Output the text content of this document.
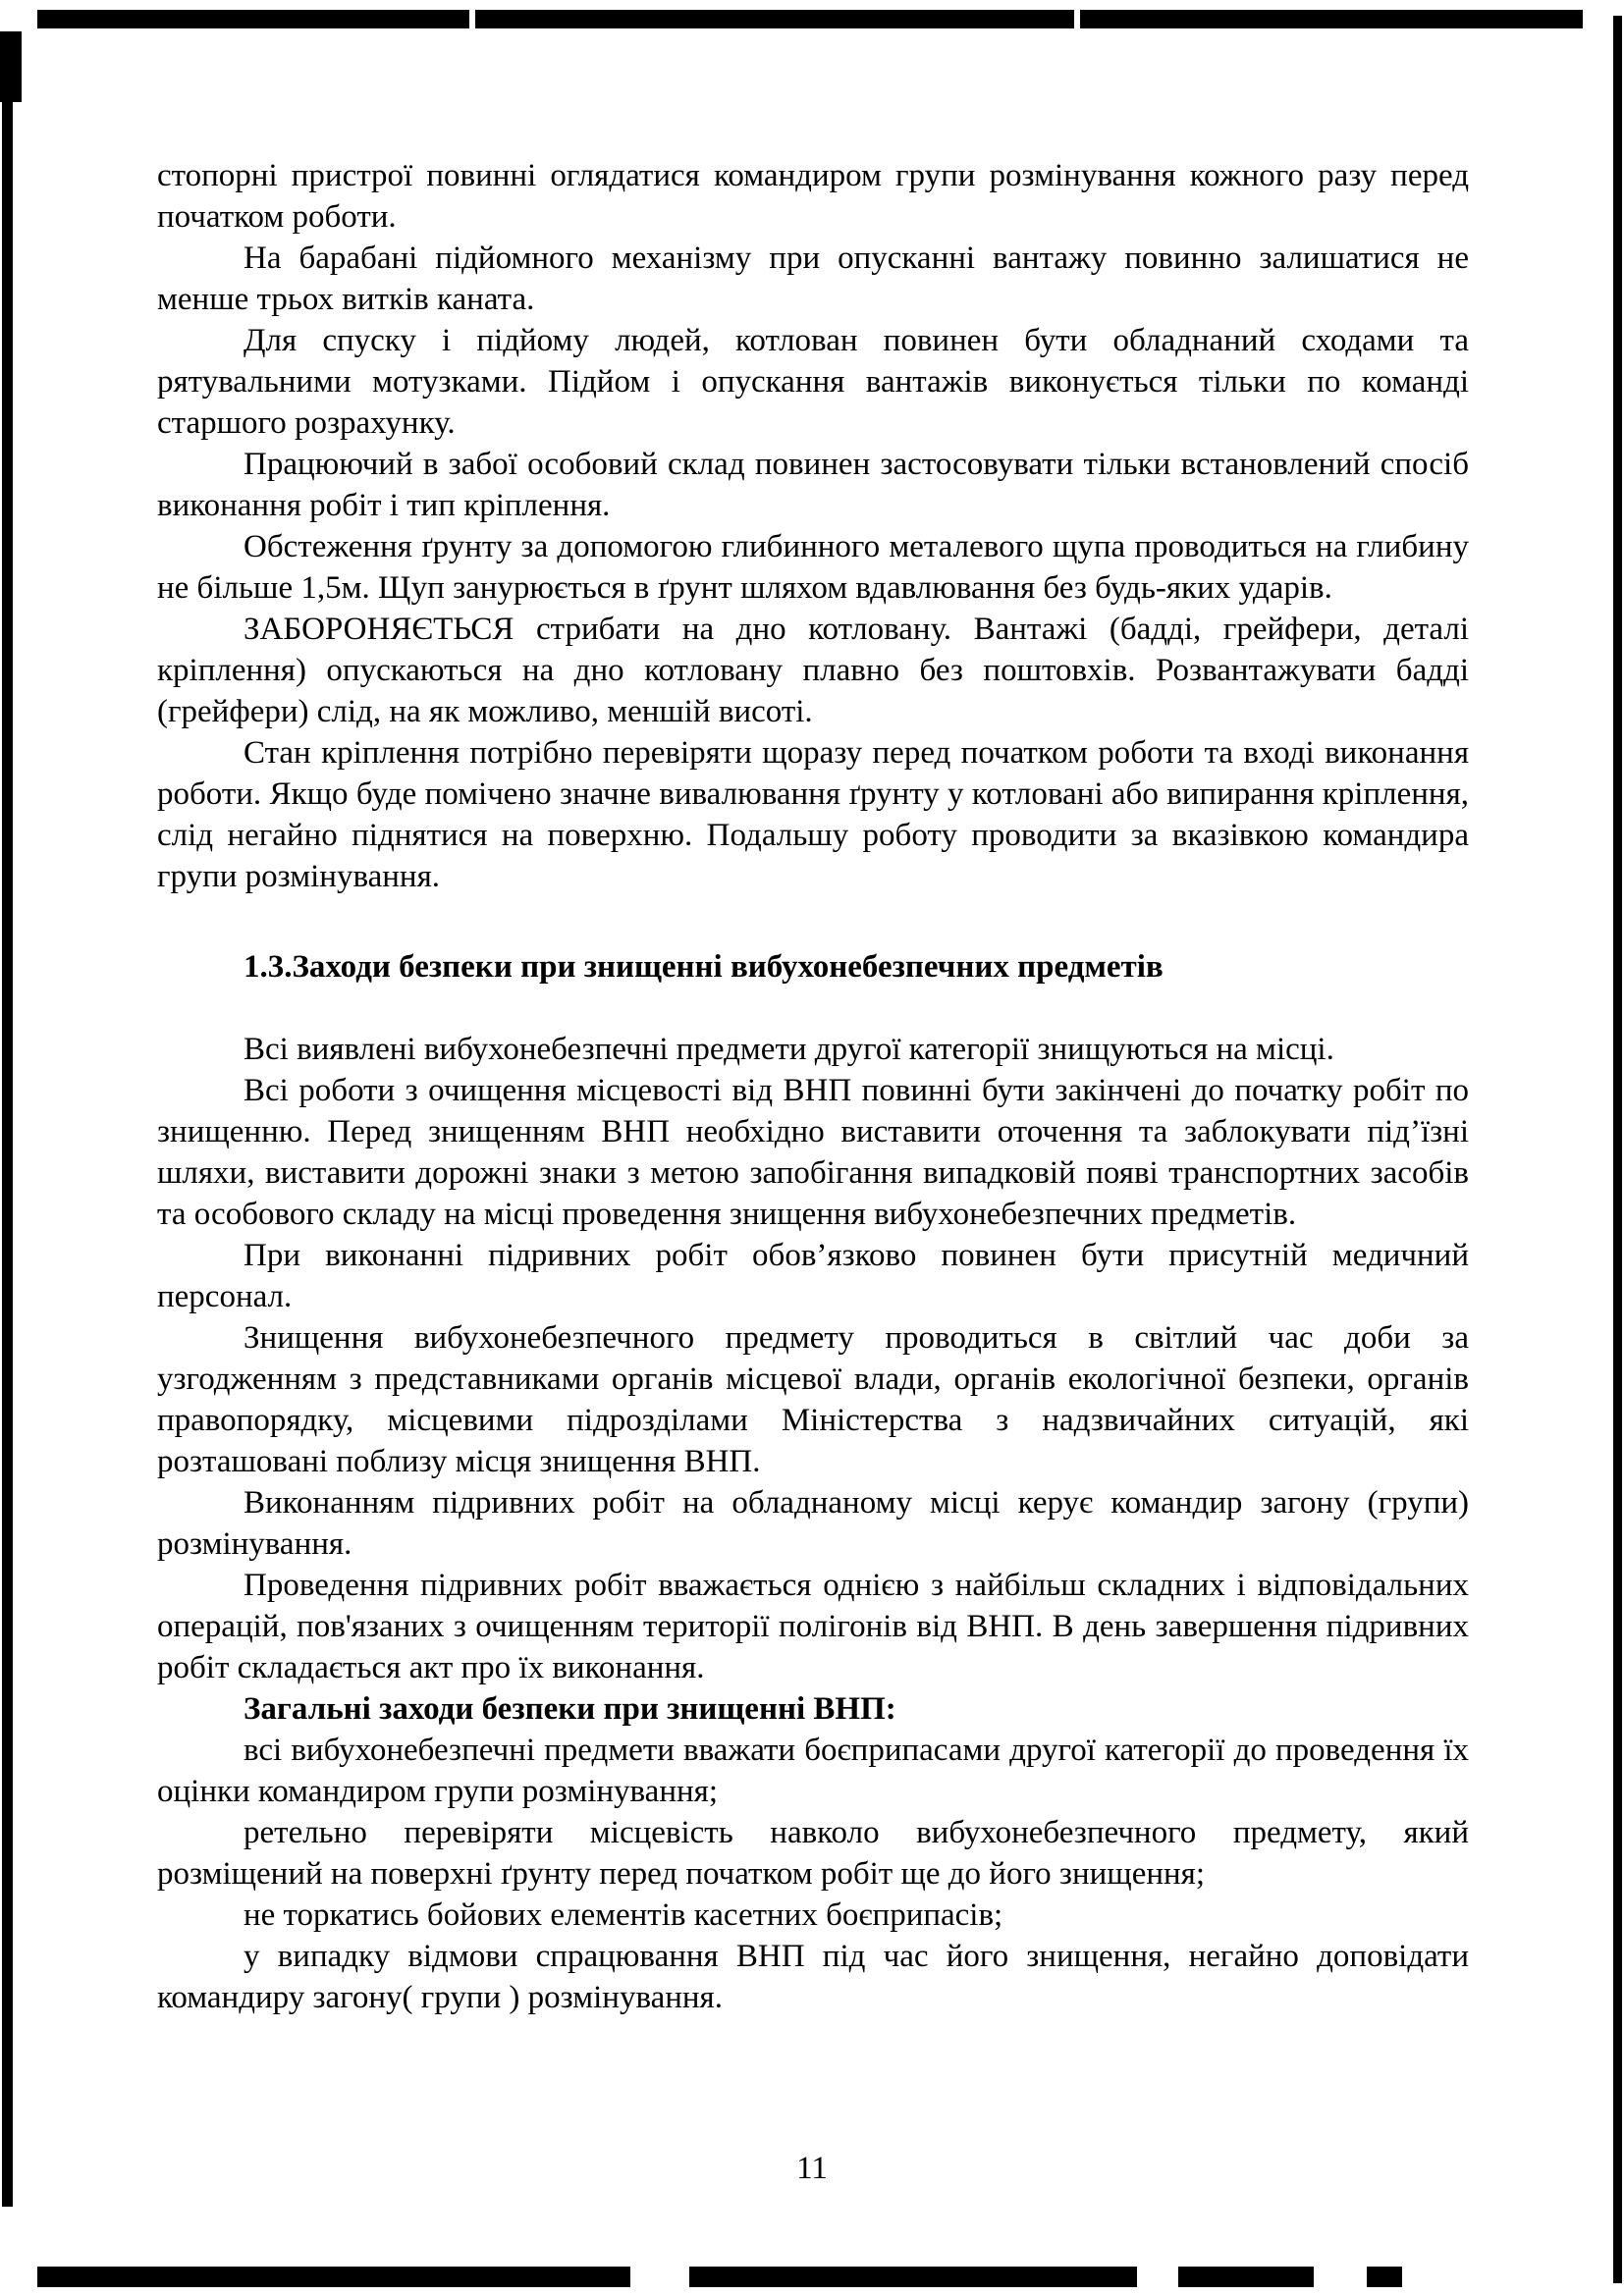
стопорні пристрої повинні оглядатися командиром групи розмінування кожного разу перед початком роботи.

На барабані підйомного механізму при опусканні вантажу повинно залишатися не менше трьох витків каната.

Для спуску і підйому людей, котлован повинен бути обладнаний сходами та рятувальними мотузками. Підйом і опускання вантажів виконується тільки по команді старшого розрахунку.

Працюючий в забої особовий склад повинен застосовувати тільки встановлений спосіб виконання робіт і тип кріплення.

Обстеження ґрунту за допомогою глибинного металевого щупа проводиться на глибину не більше 1,5м. Щуп занурюється в ґрунт шляхом вдавлювання без будь-яких ударів.

ЗАБОРОНЯЄТЬСЯ стрибати на дно котловану. Вантажі (бадді, грейфери, деталі кріплення) опускаються на дно котловану плавно без поштовхів. Розвантажувати бадді (грейфери) слід, на як можливо, меншій висоті.

Стан кріплення потрібно перевіряти щоразу перед початком роботи та вході виконання роботи. Якщо буде помічено значне вивалювання ґрунту у котловані або випирання кріплення, слід негайно піднятися на поверхню. Подальшу роботу проводити за вказівкою командира групи розмінування.

1.3.Заходи безпеки при знищенні вибухонебезпечних предметів

Всі виявлені вибухонебезпечні предмети другої категорії знищуються на місці.

Всі роботи з очищення місцевості від ВНП повинні бути закінчені до початку робіт по знищенню. Перед знищенням ВНП необхідно виставити оточення та заблокувати під’їзні шляхи, виставити дорожні знаки з метою запобігання випадковій появі транспортних засобів та особового складу на місці проведення знищення вибухонебезпечних предметів.

При виконанні підривних робіт обов’язково повинен бути присутній медичний персонал.

Знищення вибухонебезпечного предмету проводиться в світлий час доби за узгодженням з представниками органів місцевої влади, органів екологічної безпеки, органів правопорядку, місцевими підрозділами Міністерства з надзвичайних ситуацій, які розташовані поблизу місця знищення ВНП.

Виконанням підривних робіт на обладнаному місці керує командир загону (групи) розмінування.

Проведення підривних робіт вважається однією з найбільш складних і відповідальних операцій, пов'язаних з очищенням території полігонів від ВНП. В день завершення підривних робіт складається акт про їх виконання.

Загальні заходи безпеки при знищенні ВНП:

всі вибухонебезпечні предмети вважати боєприпасами другої категорії до проведення їх оцінки командиром групи розмінування;

ретельно перевіряти місцевість навколо вибухонебезпечного предмету, який розміщений на поверхні ґрунту перед початком робіт ще до його знищення;

не торкатись бойових елементів касетних боєприпасів;

у випадку відмови спрацювання ВНП під час його знищення, негайно доповідати командиру загону( групи ) розмінування.

11
